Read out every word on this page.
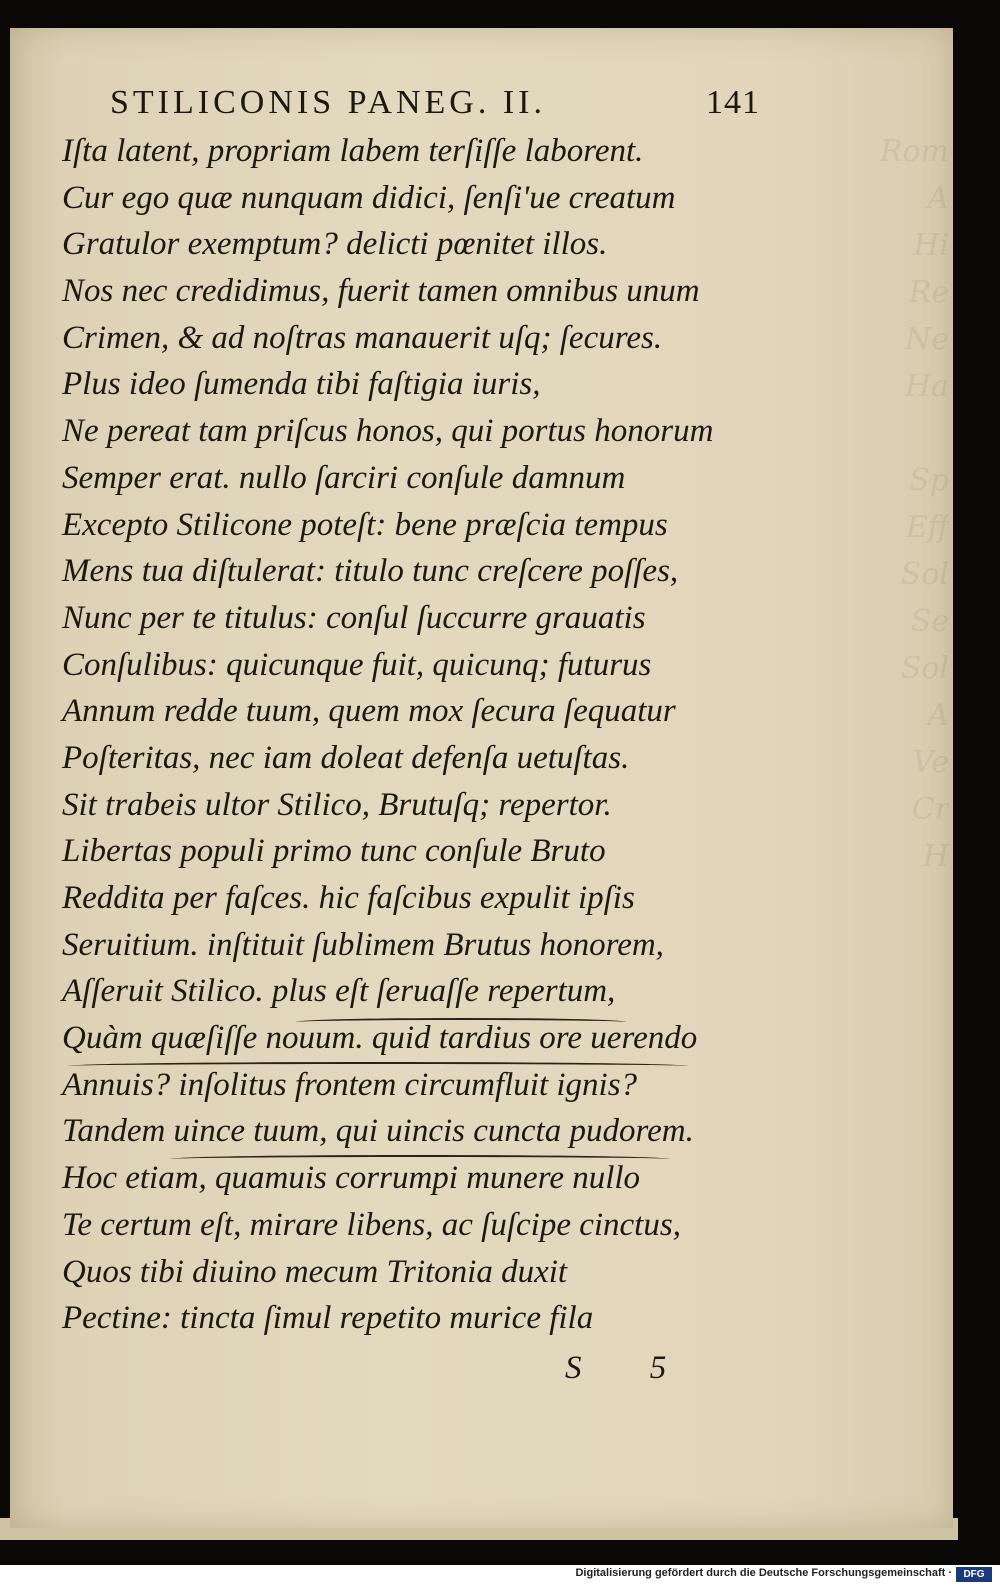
Rom
A
Hi
Re
Ne
Ha

Sp
Eff
Sol
Se
Sol
A
Ve
Cr
H
STILICONIS PANEG. II.	141
Iſta latent, propriam labem terſiſſe laborent.
Cur ego quæ nunquam didici, ſenſi'ue creatum
Gratulor exemptum? delicti pœnitet illos.
Nos nec credidimus, fuerit tamen omnibus unum
Crimen, & ad noſtras manauerit uſq; ſecures.
Plus ideo ſumenda tibi faſtigia iuris,
Ne pereat tam priſcus honos, qui portus honorum
Semper erat. nullo ſarciri conſule damnum
Excepto Stilicone poteſt: bene præſcia tempus
Mens tua diſtulerat: titulo tunc creſcere poſſes,
Nunc per te titulus: conſul ſuccurre grauatis
Conſulibus: quicunque fuit, quicunq; futurus
Annum redde tuum, quem mox ſecura ſequatur
Poſteritas, nec iam doleat defenſa uetuſtas.
Sit trabeis ultor Stilico, Brutuſq; repertor.
Libertas populi primo tunc conſule Bruto
Reddita per faſces. hic faſcibus expulit ipſis
Seruitium. inſtituit ſublimem Brutus honorem,
Aſſeruit Stilico. plus eſt ſeruaſſe repertum,
Quàm quæſiſſe nouum. quid tardius ore uerendo
Annuis? inſolitus frontem circumfluit ignis?
Tandem uince tuum, qui uincis cuncta pudorem.
Hoc etiam, quamuis corrumpi munere nullo
Te certum eſt, mirare libens, ac ſuſcipe cinctus,
Quos tibi diuino mecum Tritonia duxit
Pectine: tincta ſimul repetito murice fila
S 5
Digitalisierung gefördert durch die Deutsche Forschungsgemeinschaft ·	DFG
